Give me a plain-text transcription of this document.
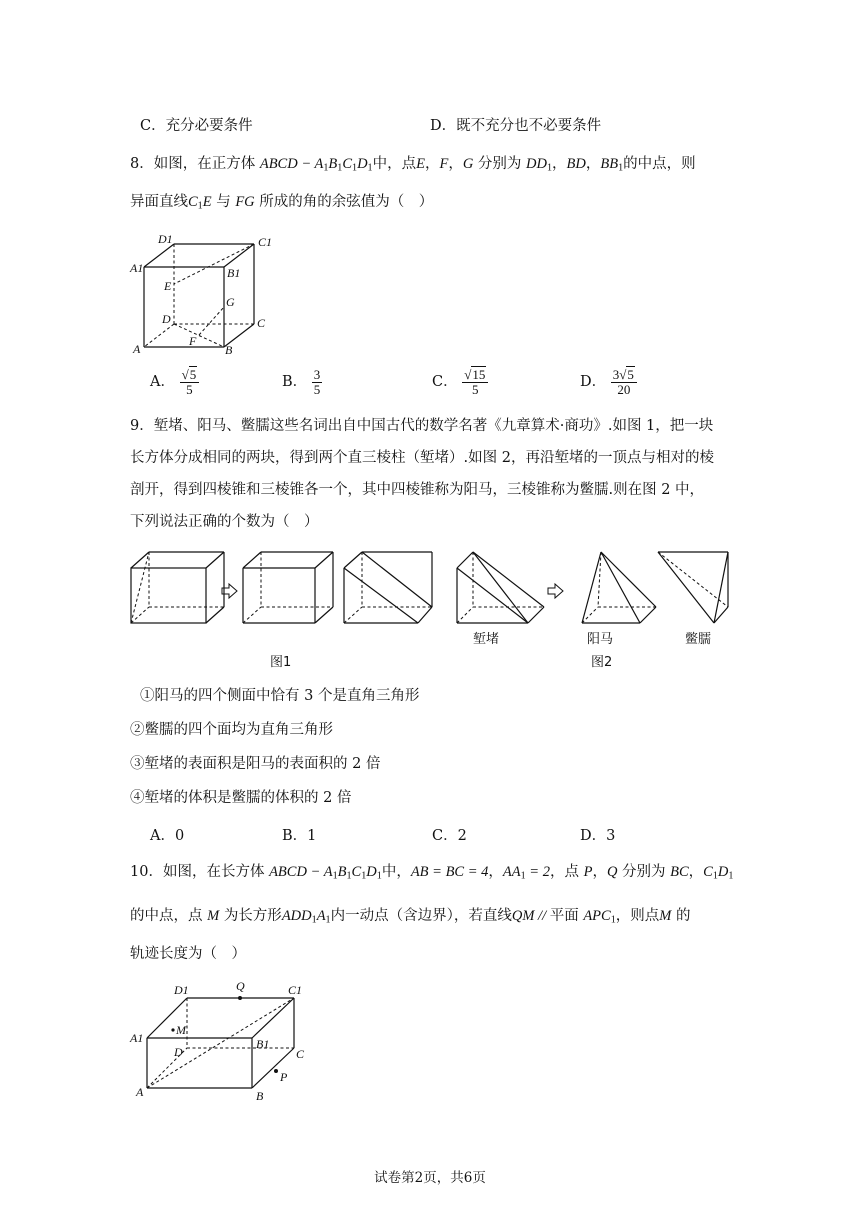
C．充分必要条件	D．既不充分也不必要条件
8．如图，在正方体 ABCD − $A_1B_1C_1D_1$中，点E，F，G 分别为 $DD_1$，BD，$BB_1$的中点，则
异面直线$C_1E$ 与 FG 所成的角的余弦值为（　）
D1	C1
A1	B1
E
G
D	C
A
F
B
A． $\frac{√5}{5}$	B． $\frac{3}{5}$	C． $\frac{√15}{5}$	D． $\frac{3√5}{20}$
9．堑堵、阳马、鳖臑这些名词出自中国古代的数学名著《九章算术·商功》.如图 1，把一块
长方体分成相同的两块，得到两个直三棱柱（堑堵）.如图 2，再沿堑堵的一顶点与相对的棱
剖开，得到四棱锥和三棱锥各一个，其中四棱锥称为阳马，三棱锥称为鳖臑.则在图 2 中，
下列说法正确的个数为（　）
堑堵	阳马	鳖臑
图1	图2
①阳马的四个侧面中恰有 3 个是直角三角形
②鳖臑的四个面均为直角三角形
③堑堵的表面积是阳马的表面积的 2 倍
④堑堵的体积是鳖臑的体积的 2 倍
A．0	B．1	C．2	D．3
10．如图，在长方体 ABCD − $A_1B_1C_1D_1$中，AB = BC = 4，$AA_1 = 2$，点 P，Q 分别为 BC，$C_1D_1$
的中点，点 M 为长方形$ADD_1A_1$内一动点（含边界），若直线QM // 平面 $APC_1$，则点M 的
轨迹长度为（　）
D1	Q	C1
A1
M
D
B1
C
P
A	B
试卷第2页，共6页
